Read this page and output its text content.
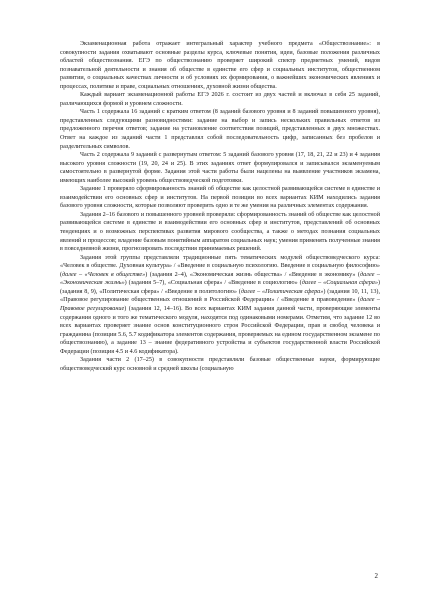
Экзаменационная работа отражает интегральный характер учебного предмета «Обществознание»: в совокупности задания охватывают основные разделы курса, ключевые понятия, идеи, базовые положения различных областей обществознания. ЕГЭ по обществознанию проверяет широкий спектр предметных умений, видов познавательной деятельности и знания об обществе в единстве его сфер и социальных институтов, общественном развитии, о социальных качествах личности и об условиях их формирования, о важнейших экономических явлениях и процессах, политике и праве, социальных отношениях, духовной жизни общества.

Каждый вариант экзаменационной работы ЕГЭ 2026 г. состоит из двух частей и включал в себя 25 заданий, различающихся формой и уровнем сложности.

Часть 1 содержала 16 заданий с кратким ответом (8 заданий базового уровня и 8 заданий повышенного уровня), представленных следующими разновидностями: задание на выбор и запись нескольких правильных ответов из предложенного перечня ответов; задание на установление соответствия позиций, представленных в двух множествах. Ответ на каждое из заданий части 1 представлял собой последовательность цифр, записанных без пробелов и разделительных символов.

Часть 2 содержала 9 заданий с развернутым ответом: 5 заданий базового уровня (17, 18, 21, 22 и 23) и 4 задания высокого уровня сложности (19, 20, 24 и 25). В этих заданиях ответ формулировался и записывался экзаменуемым самостоятельно в развернутой форме. Задания этой части работы были нацелены на выявление участников экзамена, имеющих наиболее высокий уровень обществоведческой подготовки.

Задание 1 проверяло сформированность знаний об обществе как целостной развивающейся системе в единстве и взаимодействии его основных сфер и институтов. На первой позиции во всех вариантах КИМ находились задания базового уровня сложности, которые позволяют проверить одно и те же умения на различных элементах содержания.

Задания 2–16 базового и повышенного уровней проверяли: сформированность знаний об обществе как целостной развивающейся системе в единстве и взаимодействии его основных сфер и институтов, представлений об основных тенденциях и о возможных перспективах развития мирового сообщества, а также о методах познания социальных явлений и процессов; владение базовым понятийным аппаратом социальных наук; умения применять полученные знания в повседневной жизни, прогнозировать последствия принимаемых решений.

Задания этой группы представляли традиционные пять тематических модулей обществоведческого курса: «Человек в обществе. Духовная культура» / «Введение в социальную психологию. Введение в социальную философию» (далее – «Человек в обществе») (задания 2–4), «Экономическая жизнь общества» / «Введение в экономику» (далее – «Экономическая жизнь») (задания 5–7), «Социальная сфера» / «Введение в социологию» (далее – «Социальная сфера») (задания 8, 9), «Политическая сфера» / «Введение в политологию» (далее – «Политическая сфера») (задания 10, 11, 13), «Правовое регулирование общественных отношений в Российской Федерации» / «Введение в правоведение» (далее – Правовое регулирование) (задания 12, 14–16). Во всех вариантах КИМ задания данной части, проверяющие элементы содержания одного и того же тематического модуля, находятся под одинаковыми номерами. Отметим, что задание 12 во всех вариантах проверяет знание основ конституционного строя Российской Федерации, прав и свобод человека и гражданина (позиции 5.6, 5.7 кодификатора элементов содержания, проверяемых на едином государственном экзамене по обществознанию), а задание 13 – знание федеративного устройства и субъектов государственной власти Российской Федерации (позиция 4.5 и 4.6 кодификатора).

Задания части 2 (17–25) в совокупности представляли базовые общественные науки, формирующие обществоведческий курс основной и средней школы (социальную

2
